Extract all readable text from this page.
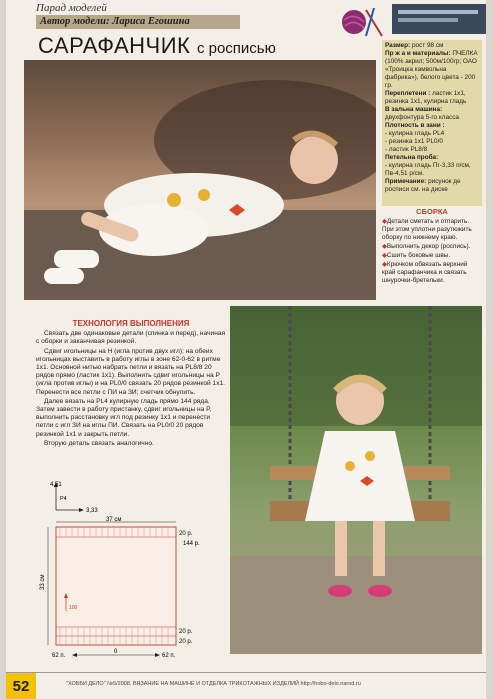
Парад моделей
Автор модели: Лариса Егошина
САРАФАНЧИК с росписью	Размер: рост 98 см
Пр ж а и материалы: ПЧЕЛКА (100% акрил; 500м/100гр; ОАО «Троицка камвольна фабрика»), белого цвета - 200 гр.
Переплетени : ластик 1х1, резинка 1х1, кулирна гладь
В зальна машина: двухфонтура 5-го класса
Плотность в зани :
- кулирна гладь PL4
- резинка 1х1 PL0/0
- ластик PL8/8
Петельна проба:
- кулирна гладь Пг-3,33 п/см, Пв-4,51 р/см.
Примечание: рисунок де росписи см. на диске
СБОРКА
◆ Детали сметать и отпарить. При этом уплотни разутюжить оборку по нижнему краю.
◆ Выполнить декор (роспись).
◆ Сшить боковые швы.
◆ Крючком обвязать верхний край сарафанчика и связать шнурочки-бретельки.
ТЕХНОЛОГИЯ ВЫПОЛНЕНИЯ

Связать две одинаковые детали (спинка и перед), начиная с оборки и заканчивая резинкой.

Сдвиг игольницы на Н (игла против двух игл): на обеих игольницах выставить в работу иглы в зоне 62-0-62 в ритме 1х1. Основной нитью набрать петли и вязать на PL8/8 20 рядов прямо (ластик 1х1). Выполнить сдвиг игольницы на Р (игла против иглы) и на PL0/0 связать 20 рядов резинкой 1х1. Перенести все петли с ПИ на ЗИ; счетчик обнулить.

Далее вязать на PL4 кулирную гладь прямо 144 ряда. Затем завести в работу пристанку, сдвиг игольницы на Р, выполнить расстановку игл под резинку 1х1 и перенести петли с игл ЗИ на иглы ПИ. Связать на PL0/0 20 рядов резинкой 1х1 и закрыть петли.

Вторую деталь связать аналогично.

4,51
Р4
3,33
37 см
33 см
20 р.
144 р.
20 р.
20 р.
100
62 п.
0
62 п.
52	"ХОББИ ДЕЛО" №5/2008. ВЯЗАНИЕ НА МАШИНЕ И ОТДЕЛКА ТРИКОТАЖНЫХ ИЗДЕЛИЙ http://hobo-delo.narod.ru
